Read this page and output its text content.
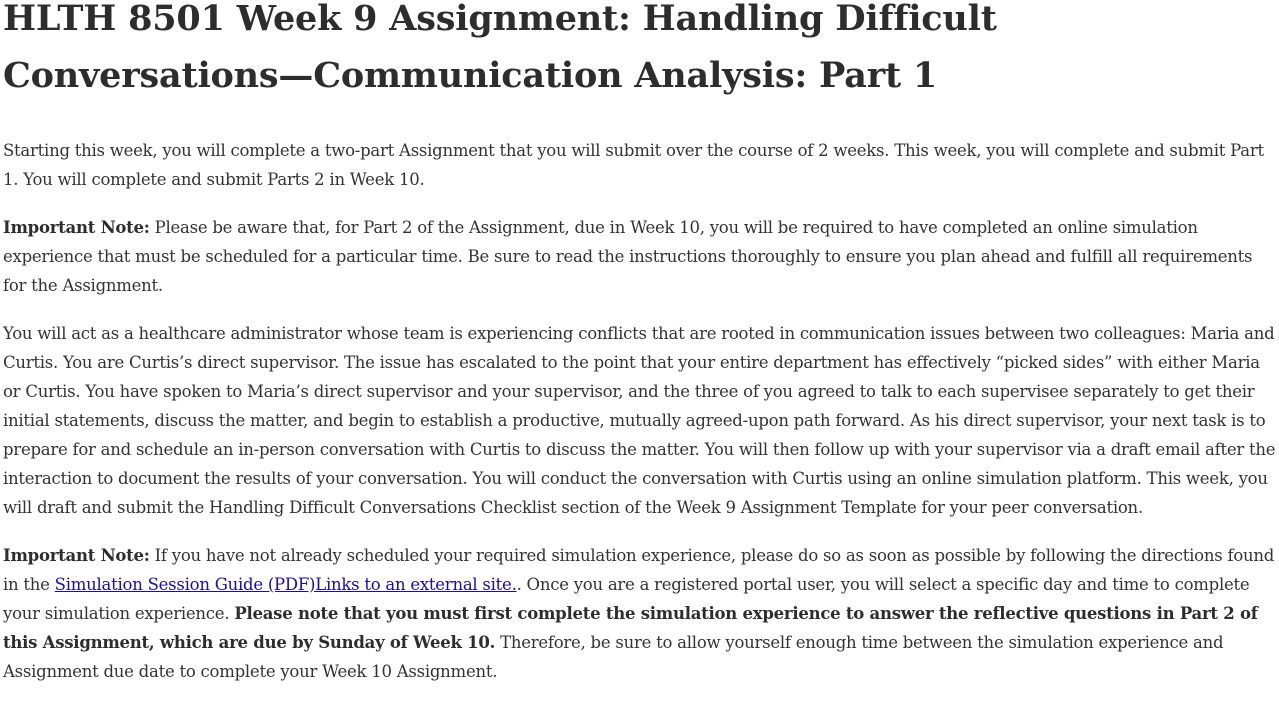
HLTH 8501 Week 9 Assignment: Handling Difficult Conversations—Communication Analysis: Part 1

Starting this week, you will complete a two-part Assignment that you will submit over the course of 2 weeks. This week, you will complete and submit Part 1. You will complete and submit Parts 2 in Week 10.

Important Note: Please be aware that, for Part 2 of the Assignment, due in Week 10, you will be required to have completed an online simulation experience that must be scheduled for a particular time. Be sure to read the instructions thoroughly to ensure you plan ahead and fulfill all requirements for the Assignment.

You will act as a healthcare administrator whose team is experiencing conflicts that are rooted in communication issues between two colleagues: Maria and Curtis. You are Curtis’s direct supervisor. The issue has escalated to the point that your entire department has effectively “picked sides” with either Maria or Curtis. You have spoken to Maria’s direct supervisor and your supervisor, and the three of you agreed to talk to each supervisee separately to get their initial statements, discuss the matter, and begin to establish a productive, mutually agreed-upon path forward. As his direct supervisor, your next task is to prepare for and schedule an in-person conversation with Curtis to discuss the matter. You will then follow up with your supervisor via a draft email after the interaction to document the results of your conversation. You will conduct the conversation with Curtis using an online simulation platform. This week, you will draft and submit the Handling Difficult Conversations Checklist section of the Week 9 Assignment Template for your peer conversation.

Important Note: If you have not already scheduled your required simulation experience, please do so as soon as possible by following the directions found in the Simulation Session Guide (PDF)Links to an external site.. Once you are a registered portal user, you will select a specific day and time to complete your simulation experience. Please note that you must first complete the simulation experience to answer the reflective questions in Part 2 of this Assignment, which are due by Sunday of Week 10. Therefore, be sure to allow yourself enough time between the simulation experience and Assignment due date to complete your Week 10 Assignment.
